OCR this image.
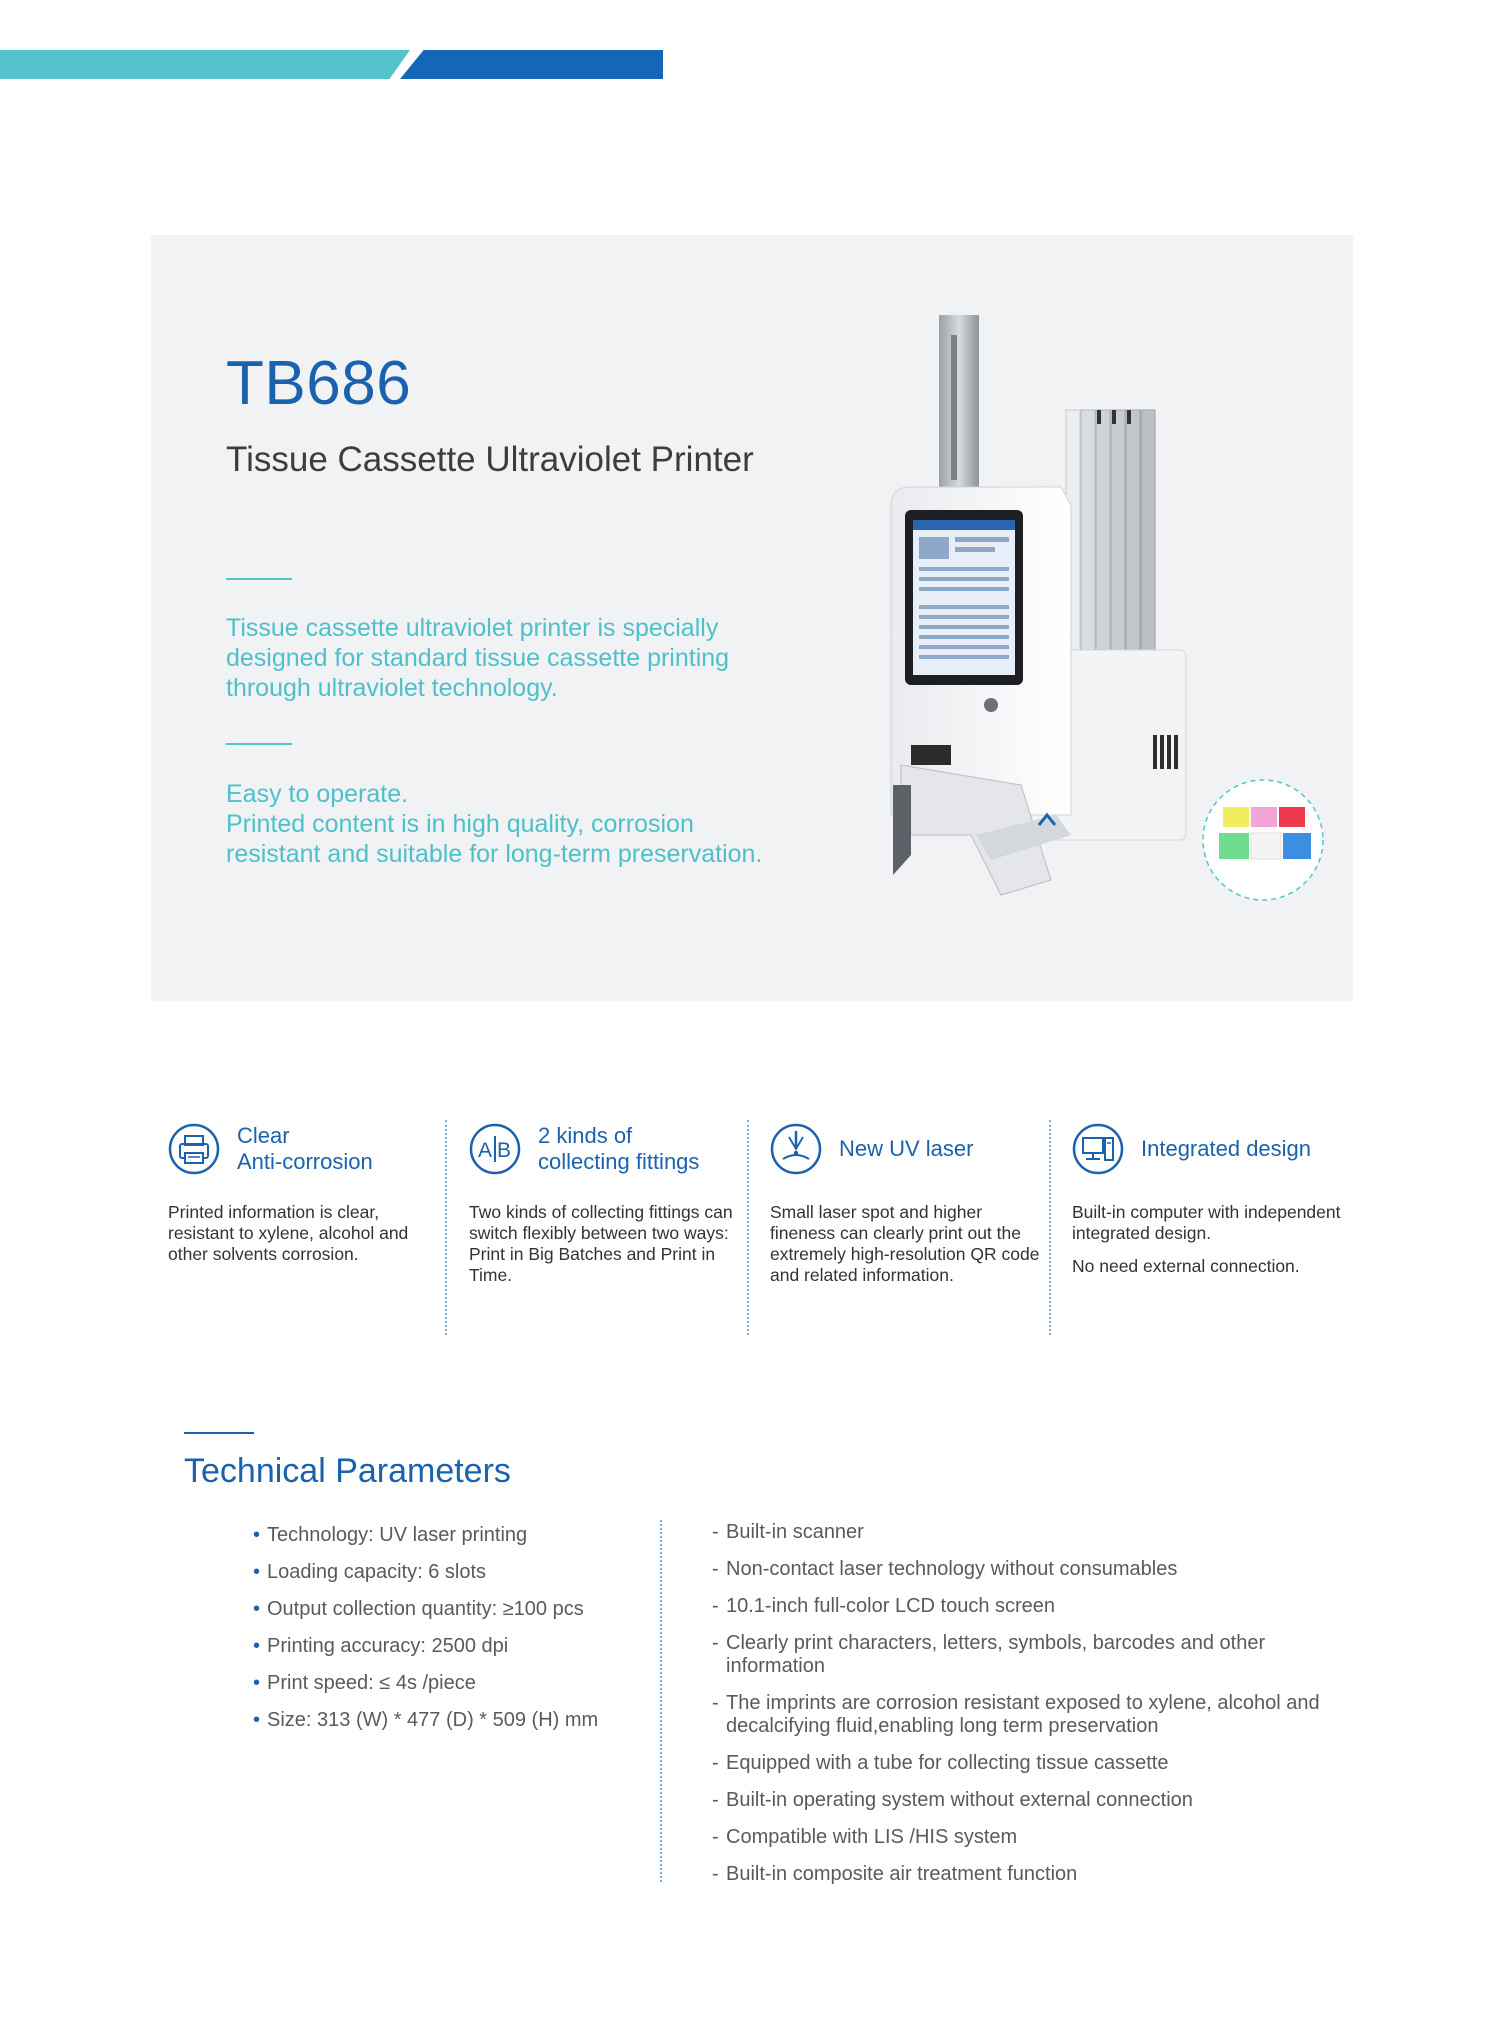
TB686
Tissue Cassette Ultraviolet Printer
Tissue cassette ultraviolet printer is specially designed for standard tissue cassette printing through ultraviolet technology.
Easy to operate.
Printed content is in high quality, corrosion resistant and suitable for long-term preservation.
Clear
Anti-corrosion

Printed information is clear, resistant to xylene, alcohol and other solvents corrosion.

A B
2 kinds of
collecting fittings

Two kinds of collecting fittings can switch flexibly between two ways: Print in Big Batches and Print in Time.

New UV laser

Small laser spot and higher fineness can clearly print out the extremely high-resolution QR code and related information.

Integrated design

Built-in computer with independent integrated design.

No need external connection.

Technical Parameters
• Technology: UV laser printing
• Loading capacity: 6 slots
• Output collection quantity: ≥100 pcs
• Printing accuracy: 2500 dpi
• Print speed: ≤ 4s /piece
• Size: 313 (W) * 477 (D) * 509 (H) mm
- Built-in scanner
- Non-contact laser technology without consumables
- 10.1-inch full-color LCD touch screen
- Clearly print characters, letters, symbols, barcodes and other information
- The imprints are corrosion resistant exposed to xylene, alcohol and decalcifying fluid,enabling long term preservation
- Equipped with a tube for collecting tissue cassette
- Built-in operating system without external connection
- Compatible with LIS /HIS system
- Built-in composite air treatment function
